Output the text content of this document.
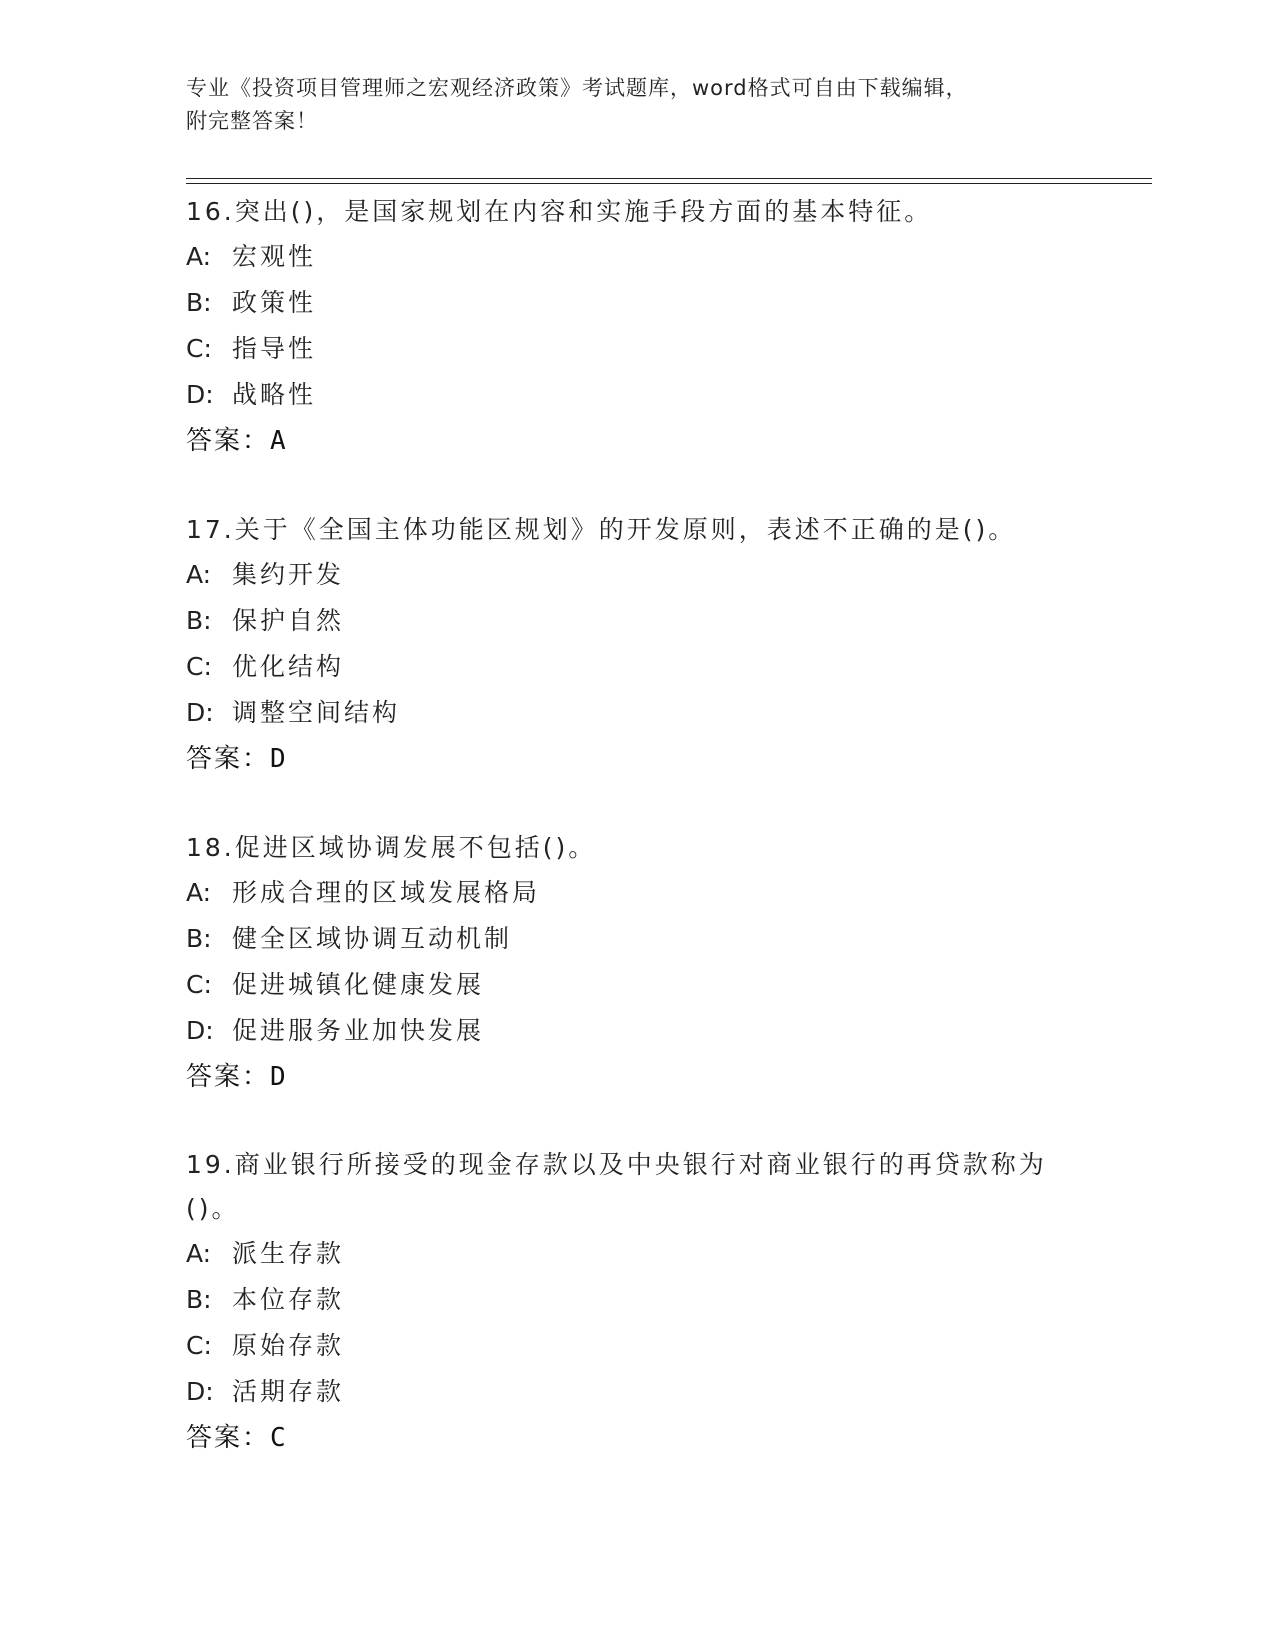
专业《投资项目管理师之宏观经济政策》考试题库，word格式可自由下载编辑，
附完整答案！
16.突出()，是国家规划在内容和实施手段方面的基本特征。
A: 宏观性
B: 政策性
C: 指导性
D: 战略性
答案：A
17.关于《全国主体功能区规划》的开发原则，表述不正确的是()。
A: 集约开发
B: 保护自然
C: 优化结构
D: 调整空间结构
答案：D
18.促进区域协调发展不包括()。
A: 形成合理的区域发展格局
B: 健全区域协调互动机制
C: 促进城镇化健康发展
D: 促进服务业加快发展
答案：D
19.商业银行所接受的现金存款以及中央银行对商业银行的再贷款称为
()。
A: 派生存款
B: 本位存款
C: 原始存款
D: 活期存款
答案：C
